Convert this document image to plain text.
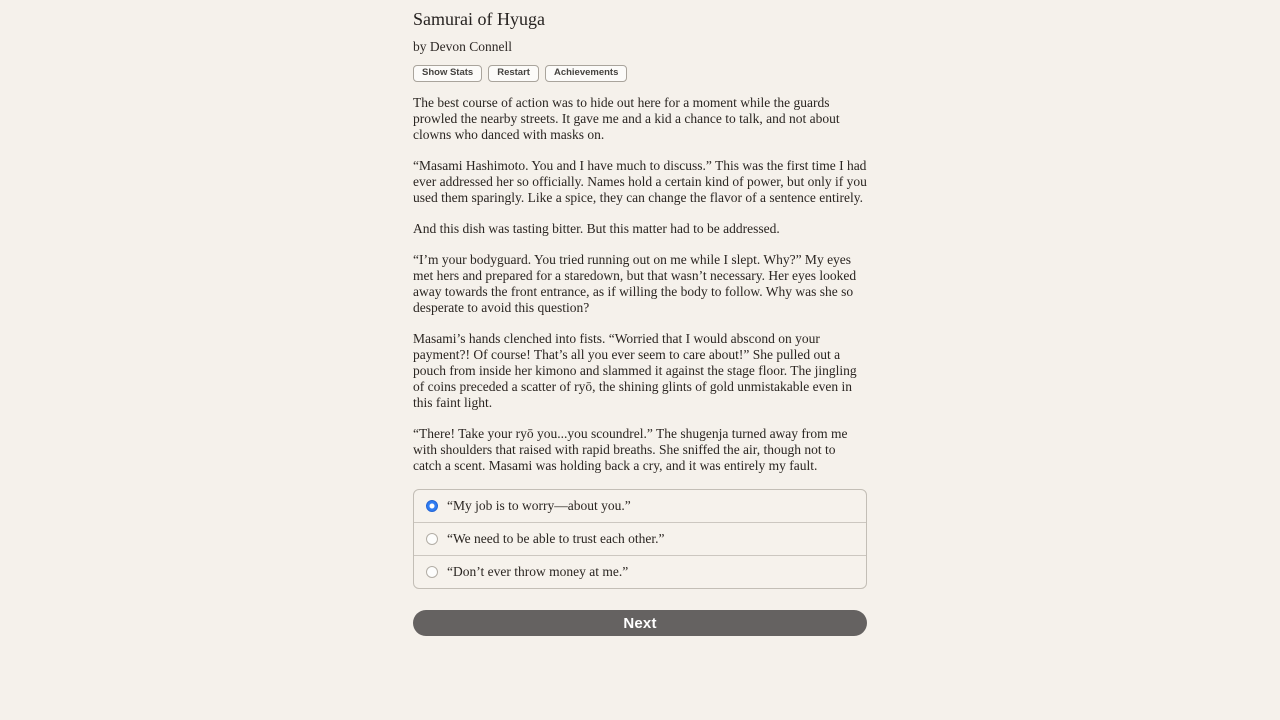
Samurai of Hyuga
by Devon Connell
Show Stats	Restart	Achievements

The best course of action was to hide out here for a moment while the guards prowled the nearby streets. It gave me and a kid a chance to talk, and not about clowns who danced with masks on.

“Masami Hashimoto. You and I have much to discuss.” This was the first time I had ever addressed her so officially. Names hold a certain kind of power, but only if you used them sparingly. Like a spice, they can change the flavor of a sentence entirely.

And this dish was tasting bitter. But this matter had to be addressed.

“I’m your bodyguard. You tried running out on me while I slept. Why?” My eyes met hers and prepared for a staredown, but that wasn’t necessary. Her eyes looked away towards the front entrance, as if willing the body to follow. Why was she so desperate to avoid this question?

Masami’s hands clenched into fists. “Worried that I would abscond on your payment?! Of course! That’s all you ever seem to care about!” She pulled out a pouch from inside her kimono and slammed it against the stage floor. The jingling of coins preceded a scatter of ryō, the shining glints of gold unmistakable even in this faint light.

“There! Take your ryō you...you scoundrel.” The shugenja turned away from me with shoulders that raised with rapid breaths. She sniffed the air, though not to catch a scent. Masami was holding back a cry, and it was entirely my fault.

“My job is to worry—about you.”
“We need to be able to trust each other.”
“Don’t ever throw money at me.”
Next
